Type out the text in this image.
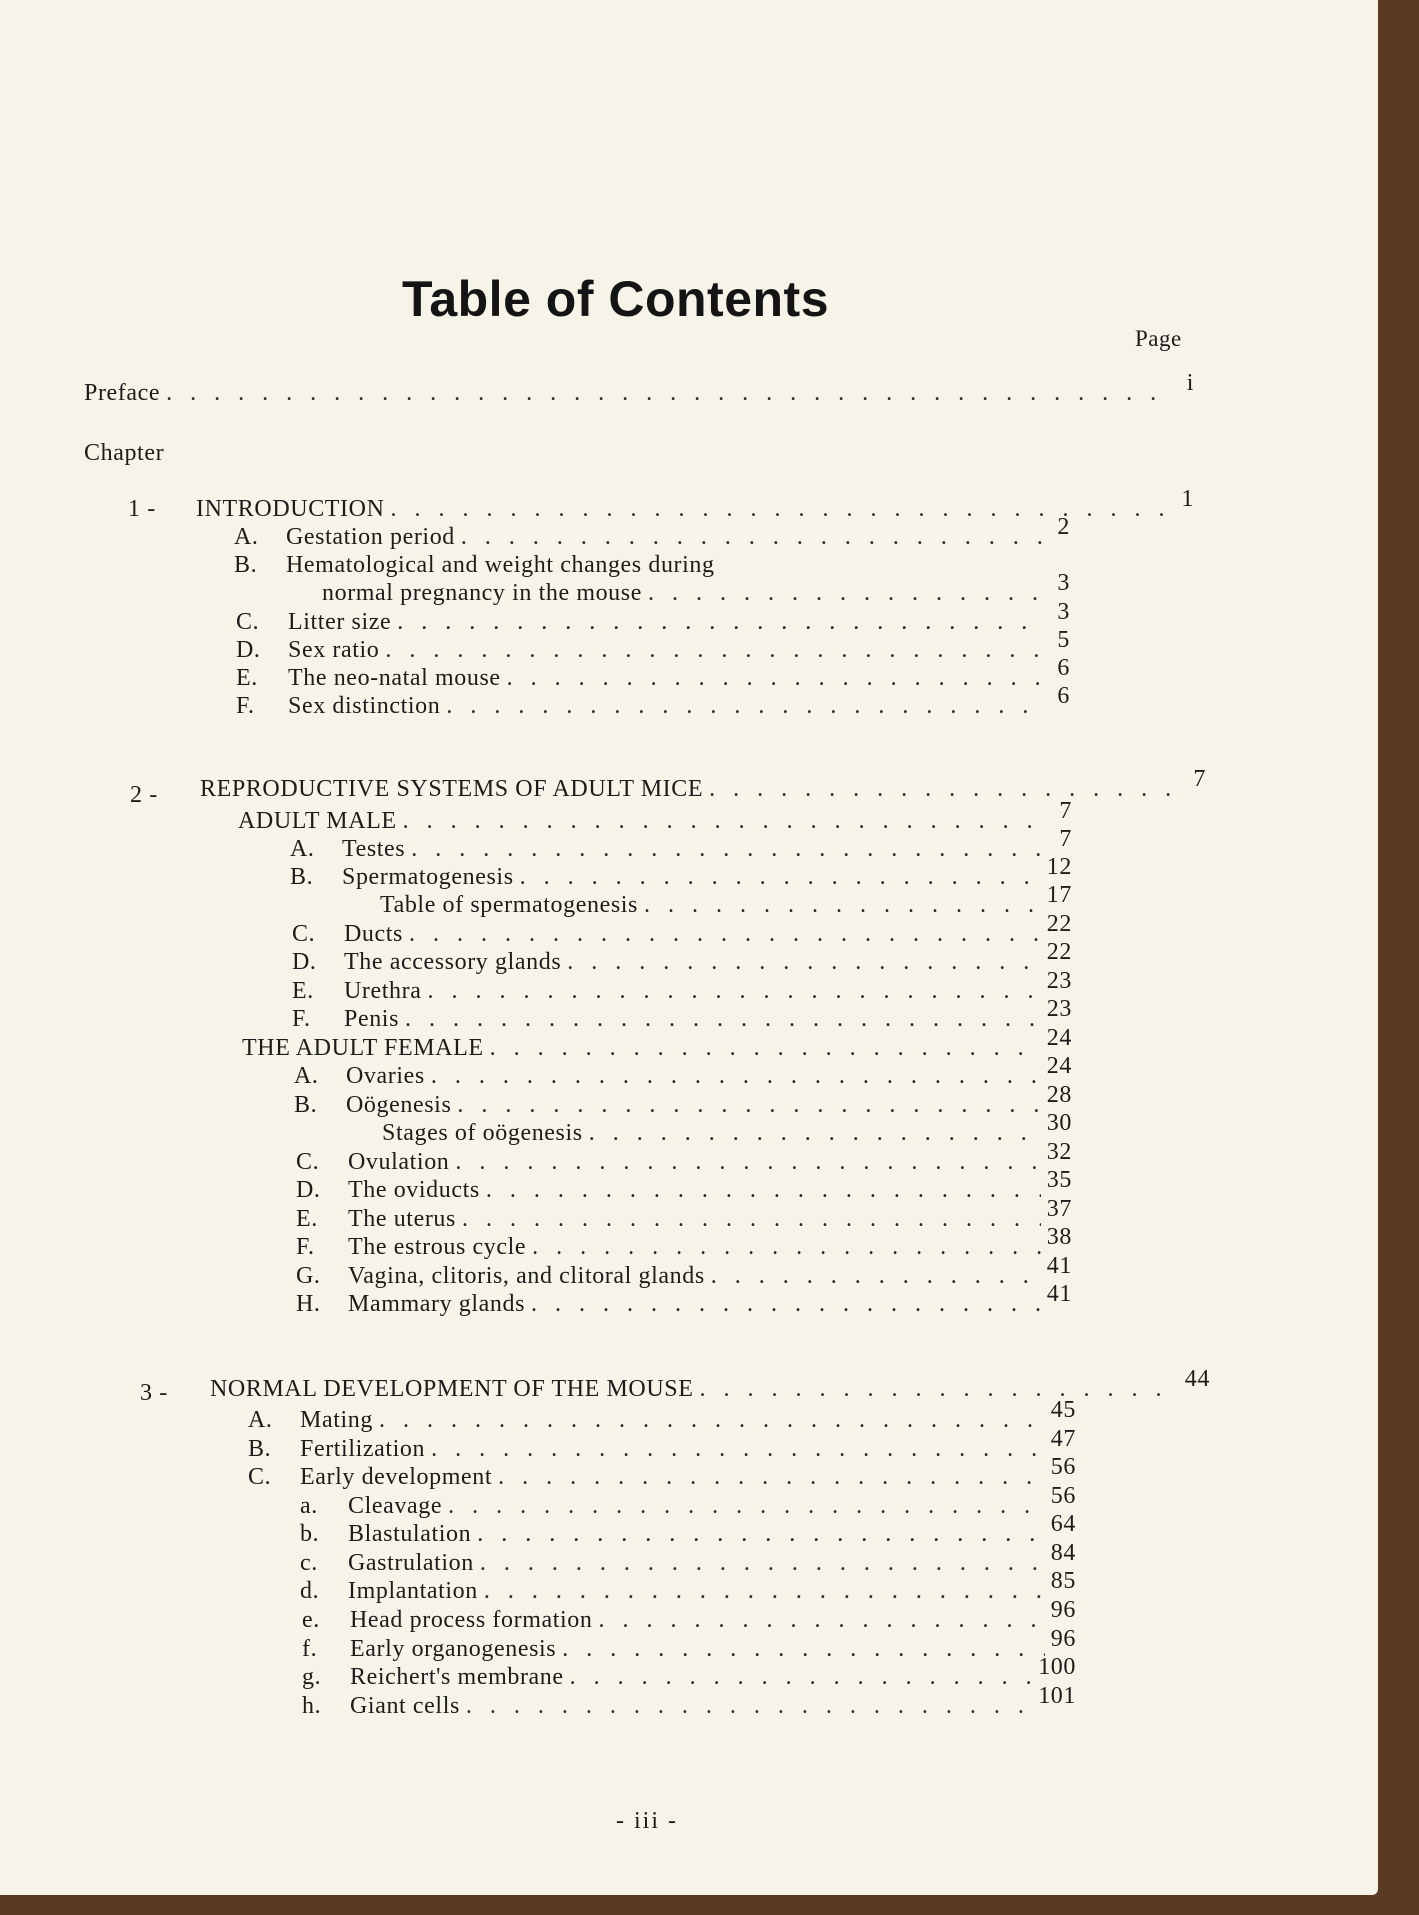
Table of Contents
Page
Preface . . .	i
Chapter
1 - INTRODUCTION . . .	1
A.	Gestation period . . .	2
B.	Hematological and weight changes during
normal pregnancy in the mouse . . .	3
C.	Litter size . . .	3
D.	Sex ratio . . .	5
E.	The neo-natal mouse . . .	6
F.	Sex distinction . . .	6
2 - REPRODUCTIVE SYSTEMS OF ADULT MICE . . .	7
ADULT MALE . . .	7
A.	Testes . . .	7
B.	Spermatogenesis . . .	12
Table of spermatogenesis . . .	17
C.	Ducts . . .	22
D.	The accessory glands . . .	22
E.	Urethra . . .	23
F.	Penis . . .	23
THE ADULT FEMALE . . .	24
A.	Ovaries . . .	24
B.	Oögenesis . . .	28
Stages of oögenesis . . .	30
C.	Ovulation . . .	32
D.	The oviducts . . .	35
E.	The uterus . . .	37
F.	The estrous cycle . . .	38
G.	Vagina, clitoris, and clitoral glands . . .	41
H.	Mammary glands . . .	41
3 - NORMAL DEVELOPMENT OF THE MOUSE . . .	44
A.	Mating . . .	45
B.	Fertilization . . .	47
C.	Early development . . .	56
a.	Cleavage . . .	56
b.	Blastulation . . .	64
c.	Gastrulation . . .	84
d.	Implantation . . .	85
e.	Head process formation . . .	96
f.	Early organogenesis . . .	96
g.	Reichert's membrane . . .	100
h.	Giant cells . . .	101
- iii -
